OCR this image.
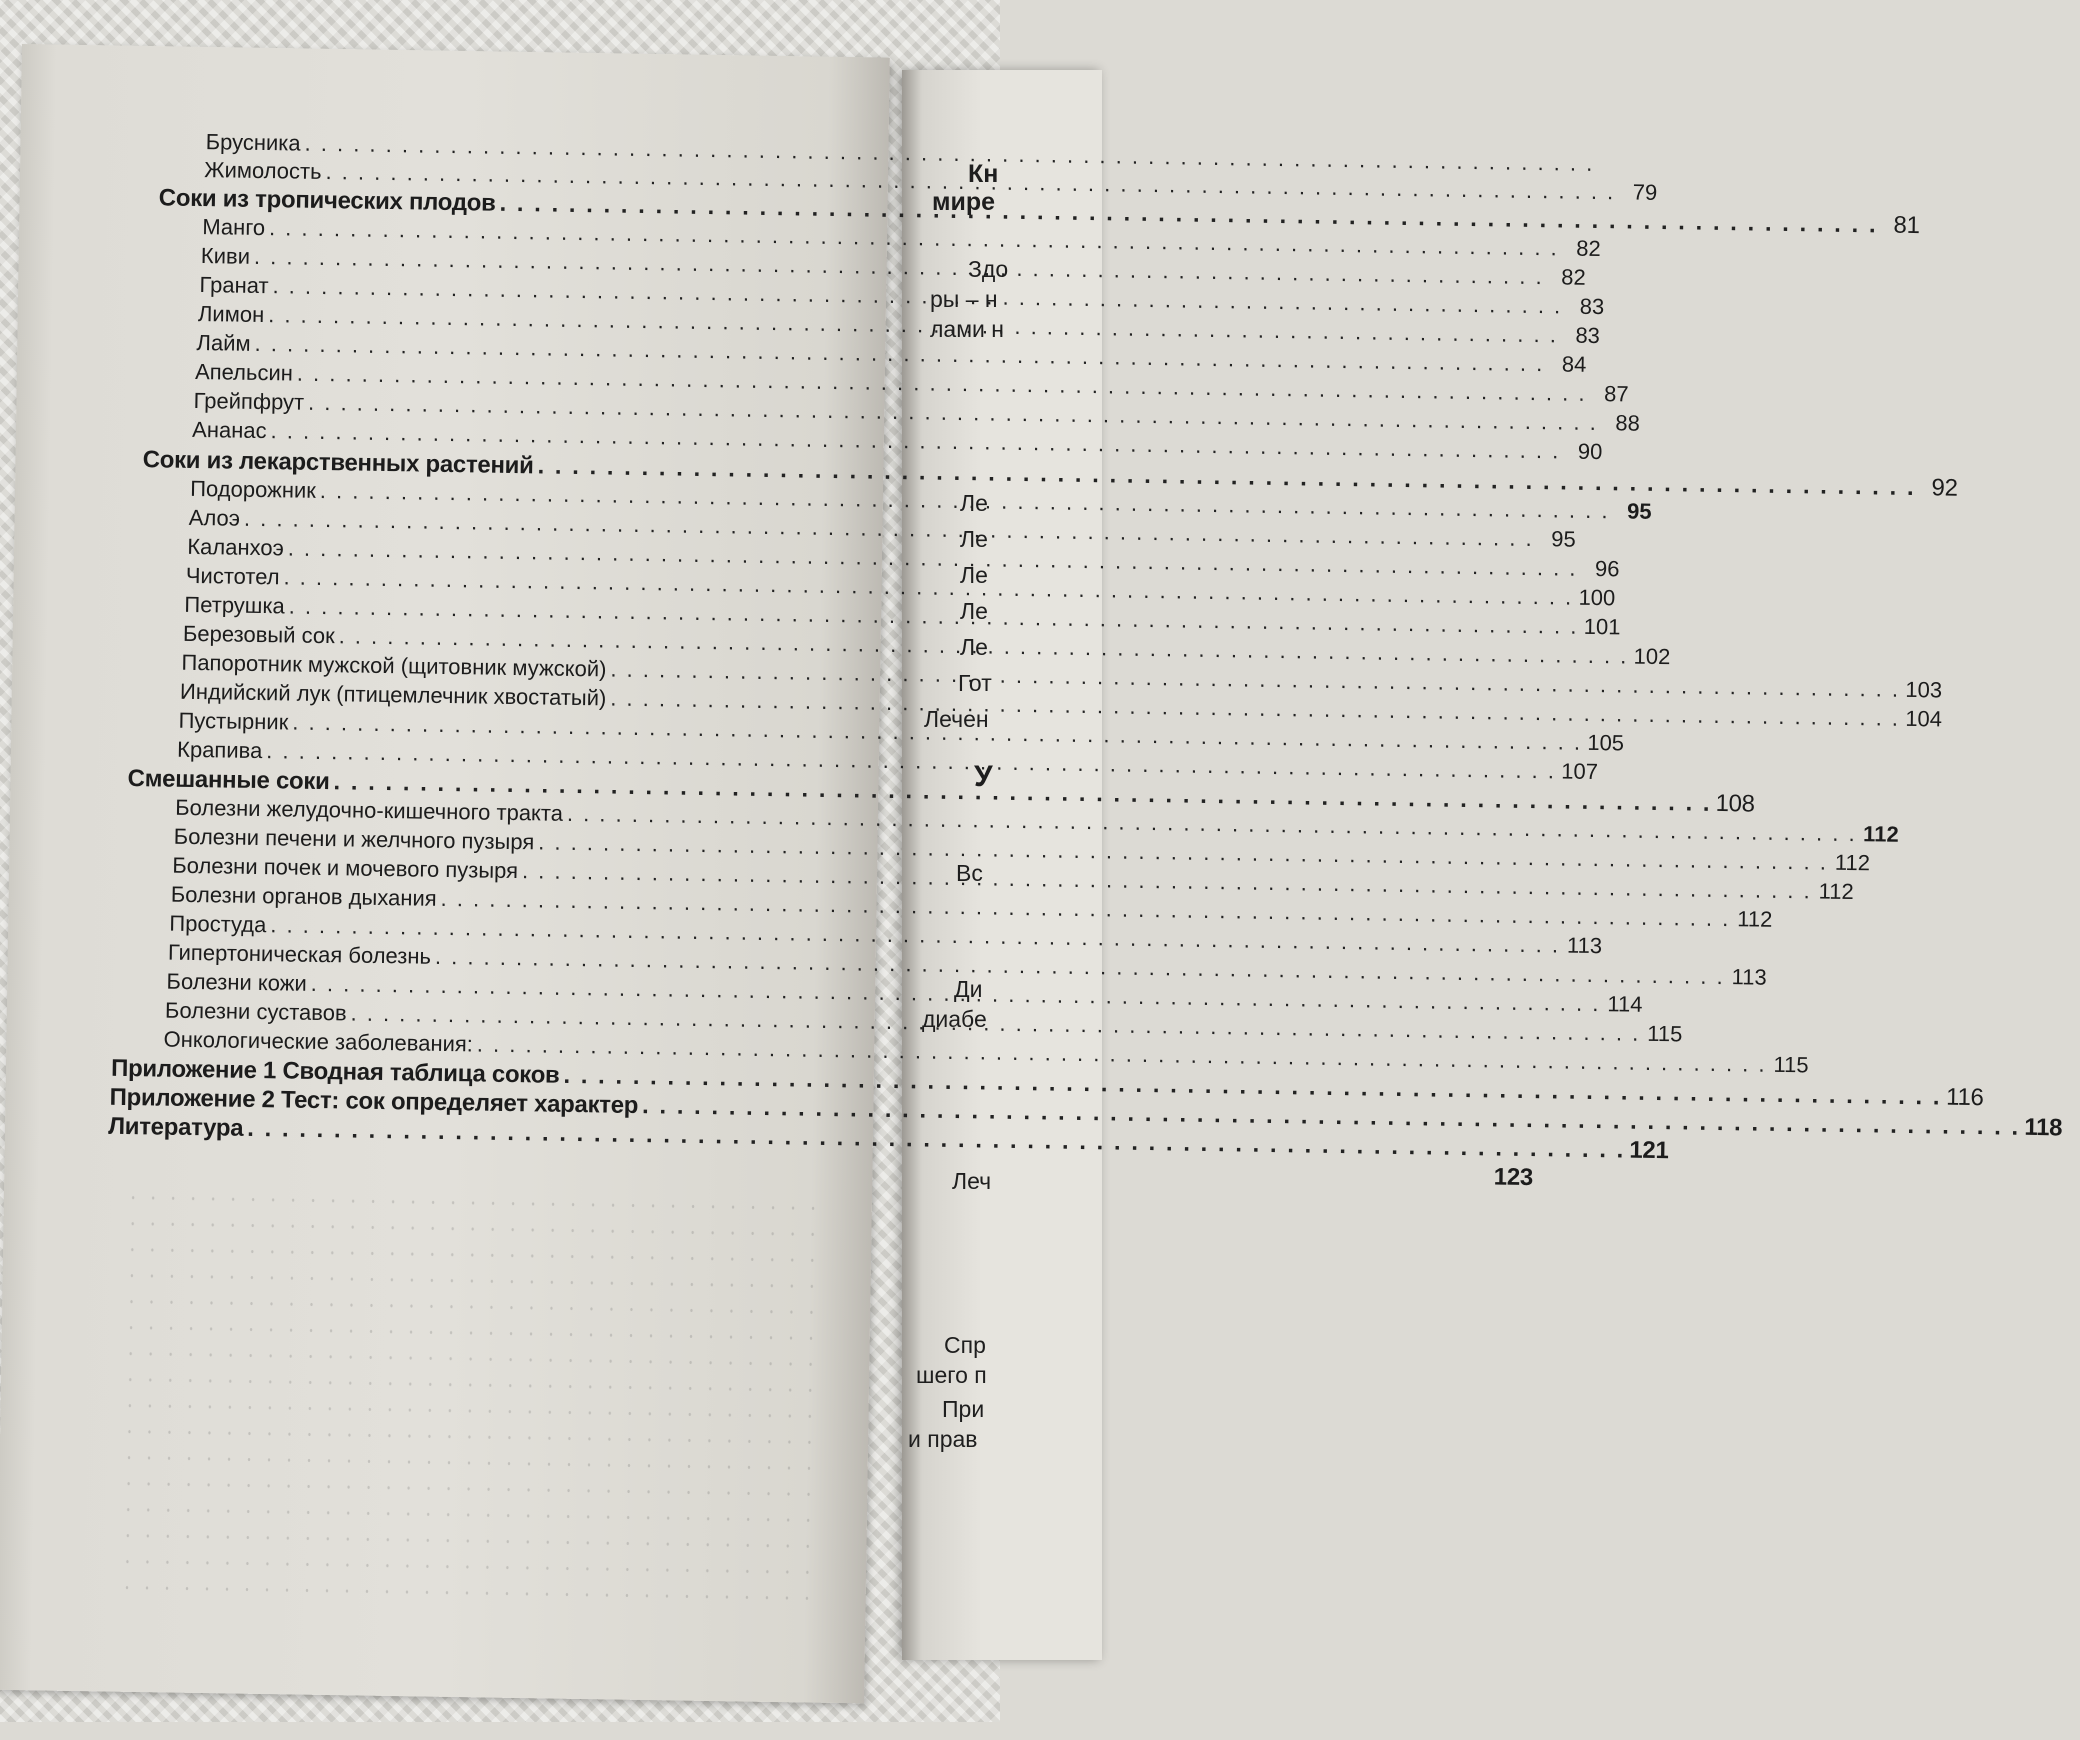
Кн

мире

Здо

ры – н

лами н

Ле

Ле

Ле

Ле

Ле

Гот

Лечен

У

Вс

Ди

диабе

Леч

Спр

шего п

При

и прав

Брусника
. . .
Жимолость
. . .
79
Соки из тропических плодов
. . .
81
Манго
. . .
82
Киви
. . .
82
Гранат
. . .
83
Лимон
. . .
83
Лайм
. . .
84
Апельсин
. . .
87
Грейпфрут
. . .
88
Ананас
. . .
90
Соки из лекарственных растений
. . .
92
Подорожник
. . .
95
Алоэ
. . .
95
Каланхоэ
. . .
96
Чистотел
. . .
100
Петрушка
. . .
101
Березовый сок
. . .
102
Папоротник мужской (щитовник мужской)
. . .
103
Индийский лук (птицемлечник хвостатый)
. . .
104
Пустырник
. . .
105
Крапива
. . .
107
Смешанные соки
. . .
108
Болезни желудочно-кишечного тракта
. . .
112
Болезни печени и желчного пузыря
. . .
112
Болезни почек и мочевого пузыря
. . .
112
Болезни органов дыхания
. . .
112
Простуда
. . .
113
Гипертоническая болезнь
. . .
113
Болезни кожи
. . .
114
Болезни суставов
. . .
115
Онкологические заболевания:
. . .
115
Приложение 1 Сводная таблица соков
. . .
116
Приложение 2 Тест: сок определяет характер
. . .
118
Литература
. . .
121
123
